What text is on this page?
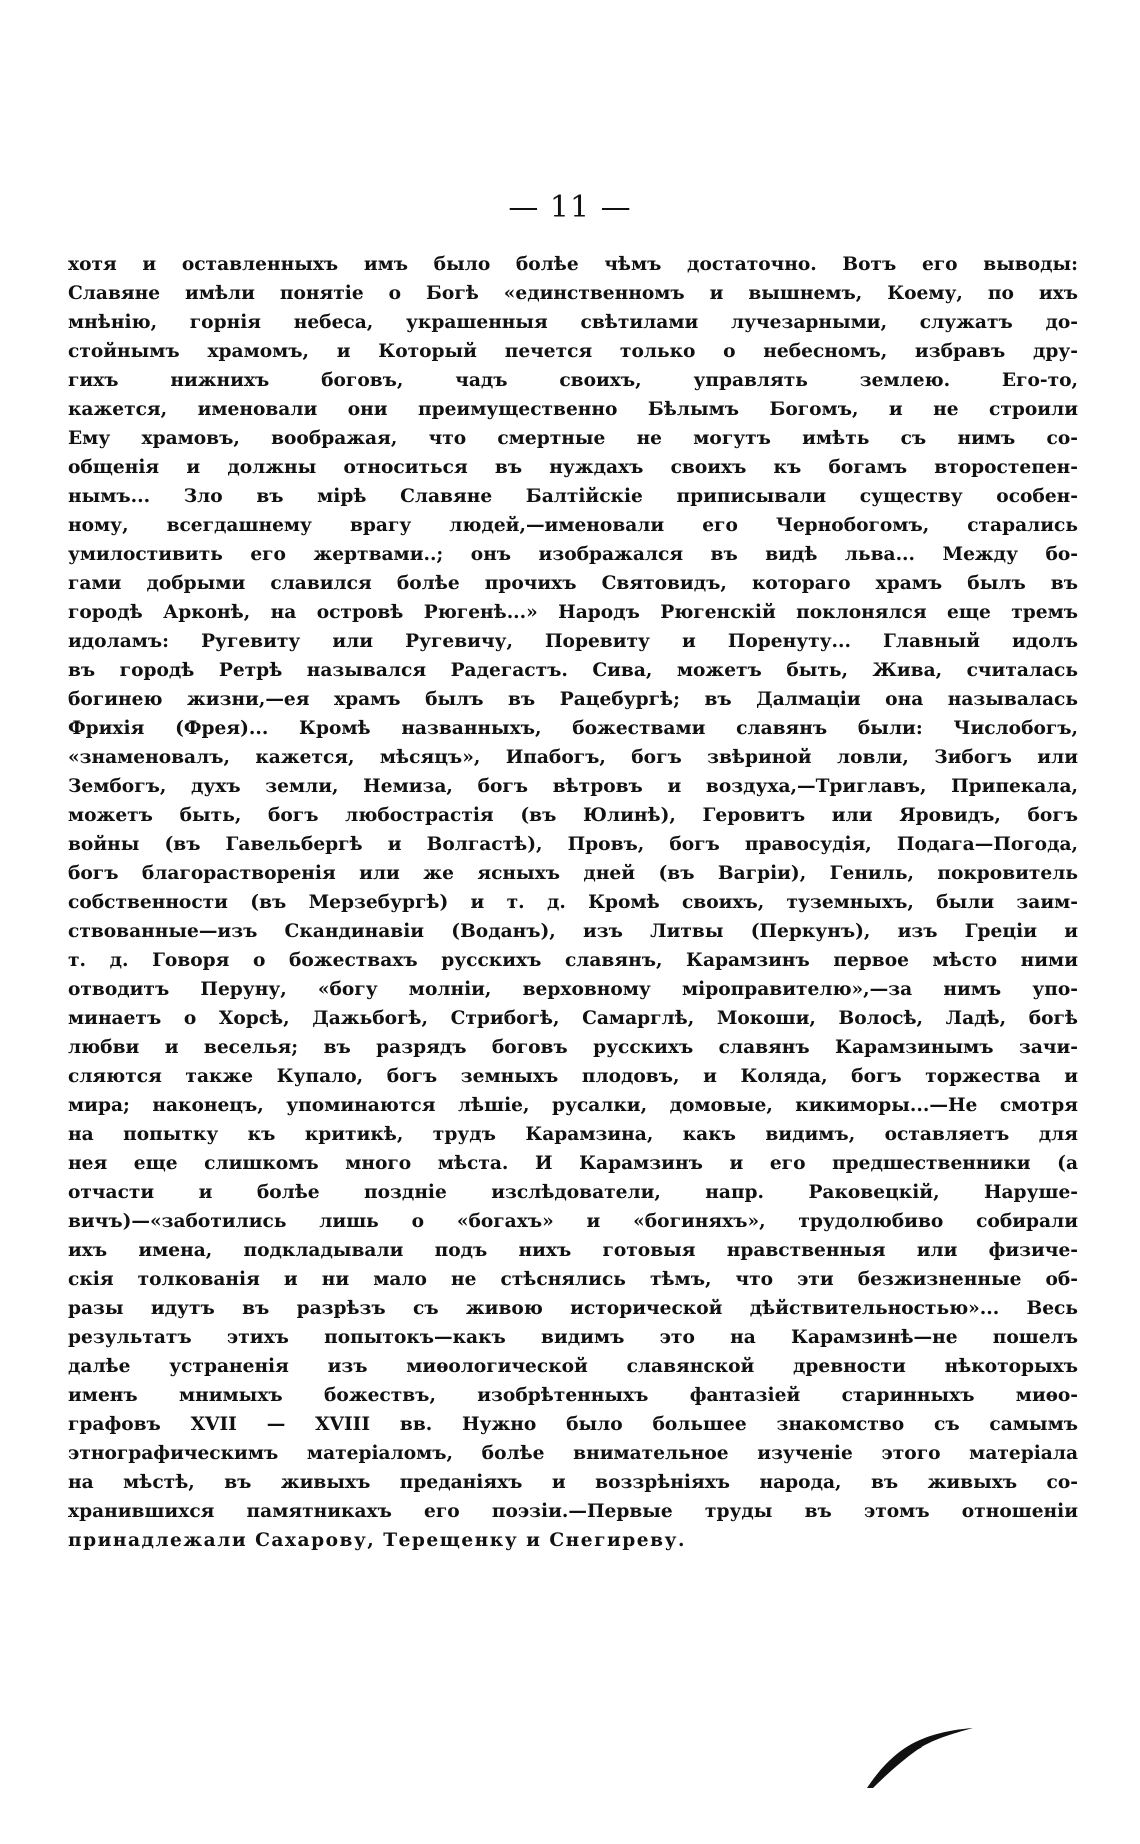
— 11 —
хотя и оставленныхъ имъ было болѣе чѣмъ достаточно. Вотъ его выводы:
Славяне имѣли понятіе о Богѣ «единственномъ и вышнемъ, Коему, по ихъ
мнѣнію, горнія небеса, украшенныя свѣтилами лучезарными, служатъ до-
стойнымъ храмомъ, и Который печется только о небесномъ, избравъ дру-
гихъ нижнихъ боговъ, чадъ своихъ, управлять землею. Его-то,
кажется, именовали они преимущественно Бѣлымъ Богомъ, и не строили
Ему храмовъ, воображая, что смертные не могутъ имѣть съ нимъ со-
общенія и должны относиться въ нуждахъ своихъ къ богамъ второстепен-
нымъ... Зло въ мірѣ Славяне Балтійскіе приписывали существу особен-
ному, всегдашнему врагу людей,—именовали его Чернобогомъ, старались
умилостивить его жертвами..; онъ изображался въ видѣ льва... Между бо-
гами добрыми славился болѣе прочихъ Святовидъ, котораго храмъ былъ въ
городѣ Арконѣ, на островѣ Рюгенѣ...» Народъ Рюгенскій поклонялся еще тремъ
идоламъ: Ругевиту или Ругевичу, Поревиту и Поренуту... Главный идолъ
въ городѣ Ретрѣ назывался Радегастъ. Сива, можетъ быть, Жива, считалась
богинею жизни,—ея храмъ былъ въ Рацебургѣ; въ Далмаціи она называлась
Фрихія (Фрея)... Кромѣ названныхъ, божествами славянъ были: Числобогъ,
«знаменовалъ, кажется, мѣсяцъ», Ипабогъ, богъ звѣриной ловли, Зибогъ или
Зембогъ, духъ земли, Немиза, богъ вѣтровъ и воздуха,—Триглавъ, Припекала,
можетъ быть, богъ любострастія (въ Юлинѣ), Геровитъ или Яровидъ, богъ
войны (въ Гавельбергѣ и Волгастѣ), Провъ, богъ правосудія, Подага—Погода,
богъ благорастворенія или же ясныхъ дней (въ Вагріи), Гениль, покровитель
собственности (въ Мерзебургѣ) и т. д. Кромѣ своихъ, туземныхъ, были заим-
ствованные—изъ Скандинавіи (Воданъ), изъ Литвы (Перкунъ), изъ Греціи и
т. д. Говоря о божествахъ русскихъ славянъ, Карамзинъ первое мѣсто ними
отводитъ Перуну, «богу молніи, верховному міроправителю»,—за нимъ упо-
минаетъ о Хорсѣ, Дажьбогѣ, Стрибогѣ, Самарглѣ, Мокоши, Волосѣ, Ладѣ, богѣ
любви и веселья; въ разрядъ боговъ русскихъ славянъ Карамзинымъ зачи-
сляются также Купало, богъ земныхъ плодовъ, и Коляда, богъ торжества и
мира; наконецъ, упоминаются лѣшіе, русалки, домовые, кикиморы...—Не смотря
на попытку къ критикѣ, трудъ Карамзина, какъ видимъ, оставляетъ для
нея еще слишкомъ много мѣста. И Карамзинъ и его предшественники (а
отчасти и болѣе поздніе изслѣдователи, напр. Раковецкій, Наруше-
вичъ)—«заботились лишь о «богахъ» и «богиняхъ», трудолюбиво собирали
ихъ имена, подкладывали подъ нихъ готовыя нравственныя или физиче-
скія толкованія и ни мало не стѣснялись тѣмъ, что эти безжизненные об-
разы идутъ въ разрѣзъ съ живою исторической дѣйствительностью»... Весь
результатъ этихъ попытокъ—какъ видимъ это на Карамзинѣ—не пошелъ
далѣе устраненія изъ миѳологической славянской древности нѣкоторыхъ
именъ мнимыхъ божествъ, изобрѣтенныхъ фантазіей старинныхъ миѳо-
графовъ XVII — XVIII вв. Нужно было большее знакомство съ самымъ
этнографическимъ матеріаломъ, болѣе внимательное изученіе этого матеріала
на мѣстѣ, въ живыхъ преданіяхъ и воззрѣніяхъ народа, въ живыхъ со-
хранившихся памятникахъ его поэзіи.—Первые труды въ этомъ отношеніи
принадлежали Сахарову, Терещенку и Снегиреву.
